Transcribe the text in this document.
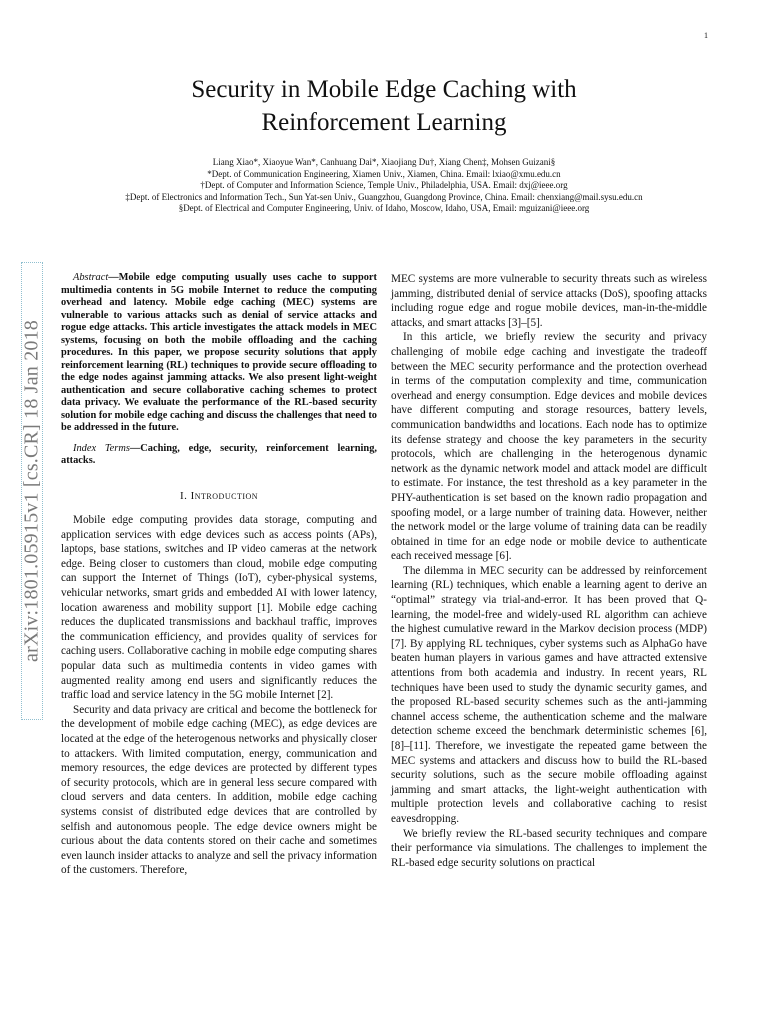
1
arXiv:1801.05915v1 [cs.CR] 18 Jan 2018
Security in Mobile Edge Caching with
Reinforcement Learning
Liang Xiao*, Xiaoyue Wan*, Canhuang Dai*, Xiaojiang Du†, Xiang Chen‡, Mohsen Guizani§
*Dept. of Communication Engineering, Xiamen Univ., Xiamen, China. Email: lxiao@xmu.edu.cn
†Dept. of Computer and Information Science, Temple Univ., Philadelphia, USA. Email: dxj@ieee.org
‡Dept. of Electronics and Information Tech., Sun Yat-sen Univ., Guangzhou, Guangdong Province, China. Email: chenxiang@mail.sysu.edu.cn
§Dept. of Electrical and Computer Engineering, Univ. of Idaho, Moscow, Idaho, USA, Email: mguizani@ieee.org

Abstract—Mobile edge computing usually uses cache to support multimedia contents in 5G mobile Internet to reduce the computing overhead and latency. Mobile edge caching (MEC) systems are vulnerable to various attacks such as denial of service attacks and rogue edge attacks. This article investigates the attack models in MEC systems, focusing on both the mobile offloading and the caching procedures. In this paper, we propose security solutions that apply reinforcement learning (RL) techniques to provide secure offloading to the edge nodes against jamming attacks. We also present light-weight authentication and secure collaborative caching schemes to protect data privacy. We evaluate the performance of the RL-based security solution for mobile edge caching and discuss the challenges that need to be addressed in the future.

Index Terms—Caching, edge, security, reinforcement learning, attacks.

I. Introduction

Mobile edge computing provides data storage, computing and application services with edge devices such as access points (APs), laptops, base stations, switches and IP video cameras at the network edge. Being closer to customers than cloud, mobile edge computing can support the Internet of Things (IoT), cyber-physical systems, vehicular networks, smart grids and embedded AI with lower latency, location awareness and mobility support [1]. Mobile edge caching reduces the duplicated transmissions and backhaul traffic, improves the communication efficiency, and provides quality of services for caching users. Collaborative caching in mobile edge computing shares popular data such as multimedia contents in video games with augmented reality among end users and significantly reduces the traffic load and service latency in the 5G mobile Internet [2].

Security and data privacy are critical and become the bottleneck for the development of mobile edge caching (MEC), as edge devices are located at the edge of the heterogenous networks and physically closer to attackers. With limited computation, energy, communication and memory resources, the edge devices are protected by different types of security protocols, which are in general less secure compared with cloud servers and data centers. In addition, mobile edge caching systems consist of distributed edge devices that are controlled by selfish and autonomous people. The edge device owners might be curious about the data contents stored on their cache and sometimes even launch insider attacks to analyze and sell the privacy information of the customers. Therefore,

MEC systems are more vulnerable to security threats such as wireless jamming, distributed denial of service attacks (DoS), spoofing attacks including rogue edge and rogue mobile devices, man-in-the-middle attacks, and smart attacks [3]–[5].

In this article, we briefly review the security and privacy challenging of mobile edge caching and investigate the tradeoff between the MEC security performance and the protection overhead in terms of the computation complexity and time, communication overhead and energy consumption. Edge devices and mobile devices have different computing and storage resources, battery levels, communication bandwidths and locations. Each node has to optimize its defense strategy and choose the key parameters in the security protocols, which are challenging in the heterogenous dynamic network as the dynamic network model and attack model are difficult to estimate. For instance, the test threshold as a key parameter in the PHY-authentication is set based on the known radio propagation and spoofing model, or a large number of training data. However, neither the network model or the large volume of training data can be readily obtained in time for an edge node or mobile device to authenticate each received message [6].

The dilemma in MEC security can be addressed by reinforcement learning (RL) techniques, which enable a learning agent to derive an “optimal” strategy via trial-and-error. It has been proved that Q-learning, the model-free and widely-used RL algorithm can achieve the highest cumulative reward in the Markov decision process (MDP) [7]. By applying RL techniques, cyber systems such as AlphaGo have beaten human players in various games and have attracted extensive attentions from both academia and industry. In recent years, RL techniques have been used to study the dynamic security games, and the proposed RL-based security schemes such as the anti-jamming channel access scheme, the authentication scheme and the malware detection scheme exceed the benchmark deterministic schemes [6], [8]–[11]. Therefore, we investigate the repeated game between the MEC systems and attackers and discuss how to build the RL-based security solutions, such as the secure mobile offloading against jamming and smart attacks, the light-weight authentication with multiple protection levels and collaborative caching to resist eavesdropping.

We briefly review the RL-based security techniques and compare their performance via simulations. The challenges to implement the RL-based edge security solutions on practical
